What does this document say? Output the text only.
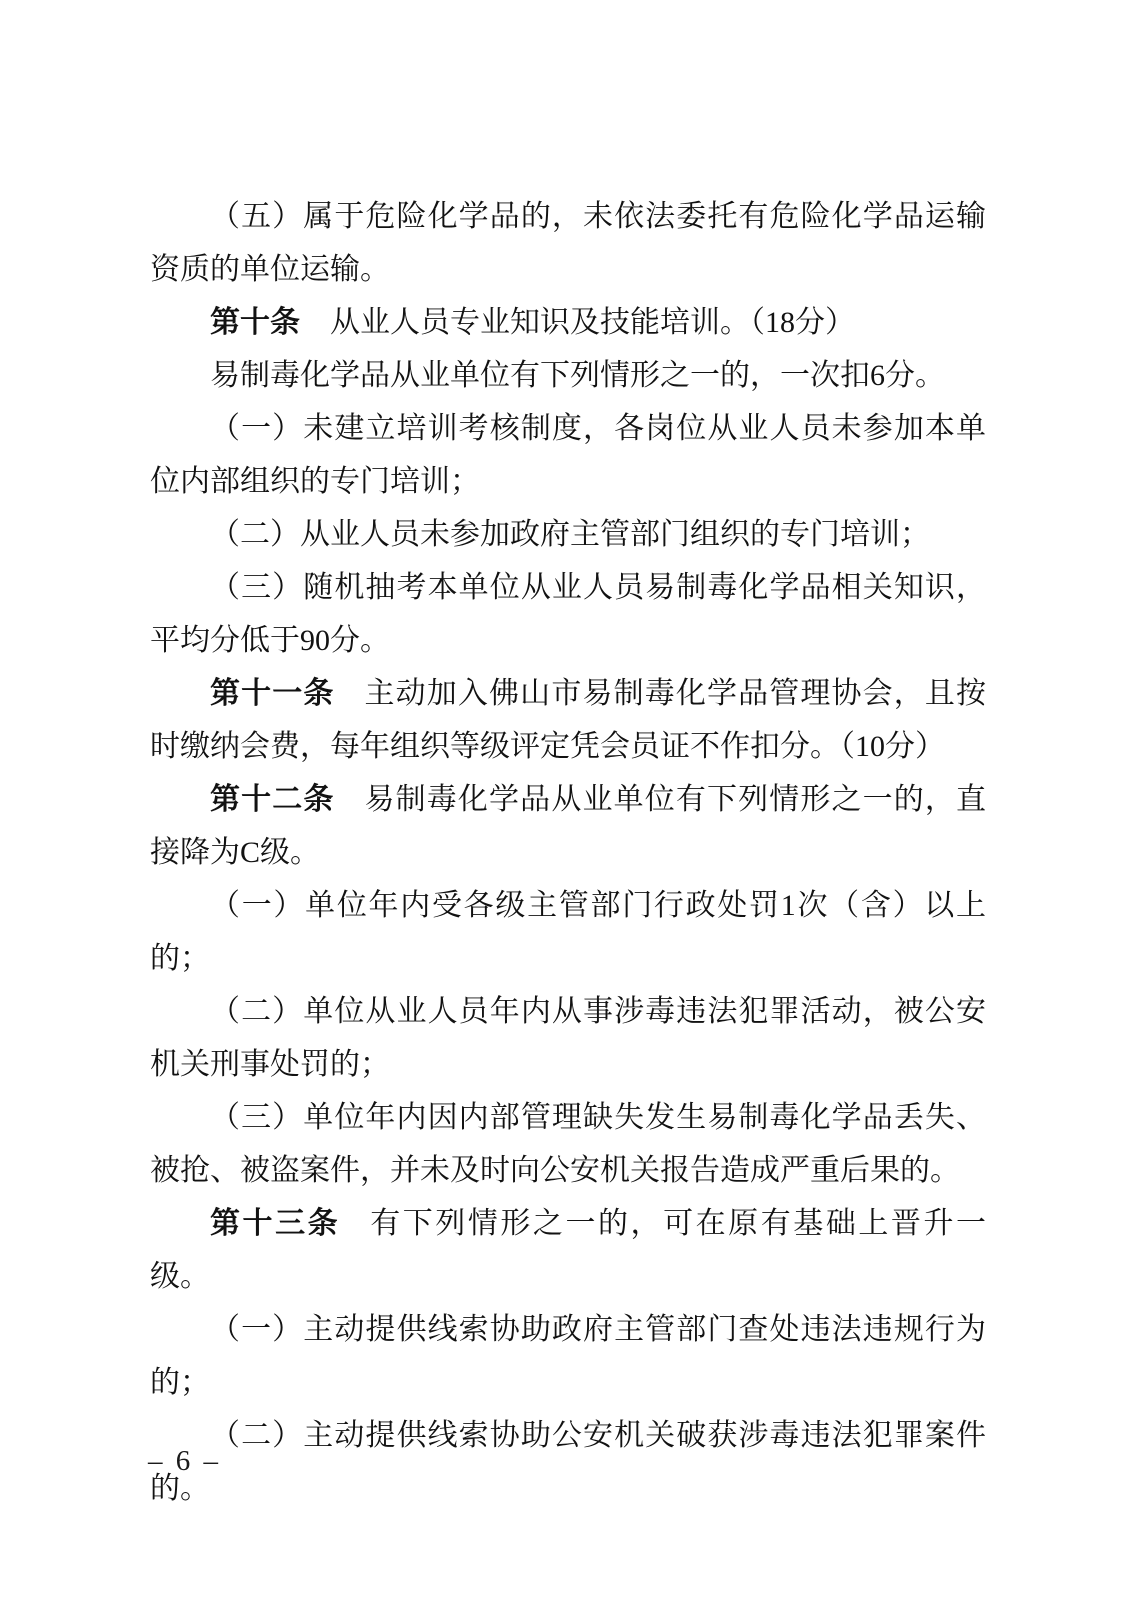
（五）属于危险化学品的，未依法委托有危险化学品运输资质的单位运输。

第十条 从业人员专业知识及技能培训。（18分）

易制毒化学品从业单位有下列情形之一的，一次扣6分。

（一）未建立培训考核制度，各岗位从业人员未参加本单位内部组织的专门培训；

（二）从业人员未参加政府主管部门组织的专门培训；

（三）随机抽考本单位从业人员易制毒化学品相关知识，平均分低于90分。

第十一条 主动加入佛山市易制毒化学品管理协会，且按时缴纳会费，每年组织等级评定凭会员证不作扣分。（10分）

第十二条 易制毒化学品从业单位有下列情形之一的，直接降为C级。

（一）单位年内受各级主管部门行政处罚1次（含）以上的；

（二）单位从业人员年内从事涉毒违法犯罪活动，被公安机关刑事处罚的；

（三）单位年内因内部管理缺失发生易制毒化学品丢失、被抢、被盗案件，并未及时向公安机关报告造成严重后果的。

第十三条 有下列情形之一的，可在原有基础上晋升一级。

（一）主动提供线索协助政府主管部门查处违法违规行为的；

（二）主动提供线索协助公安机关破获涉毒违法犯罪案件的。

– 6 –
